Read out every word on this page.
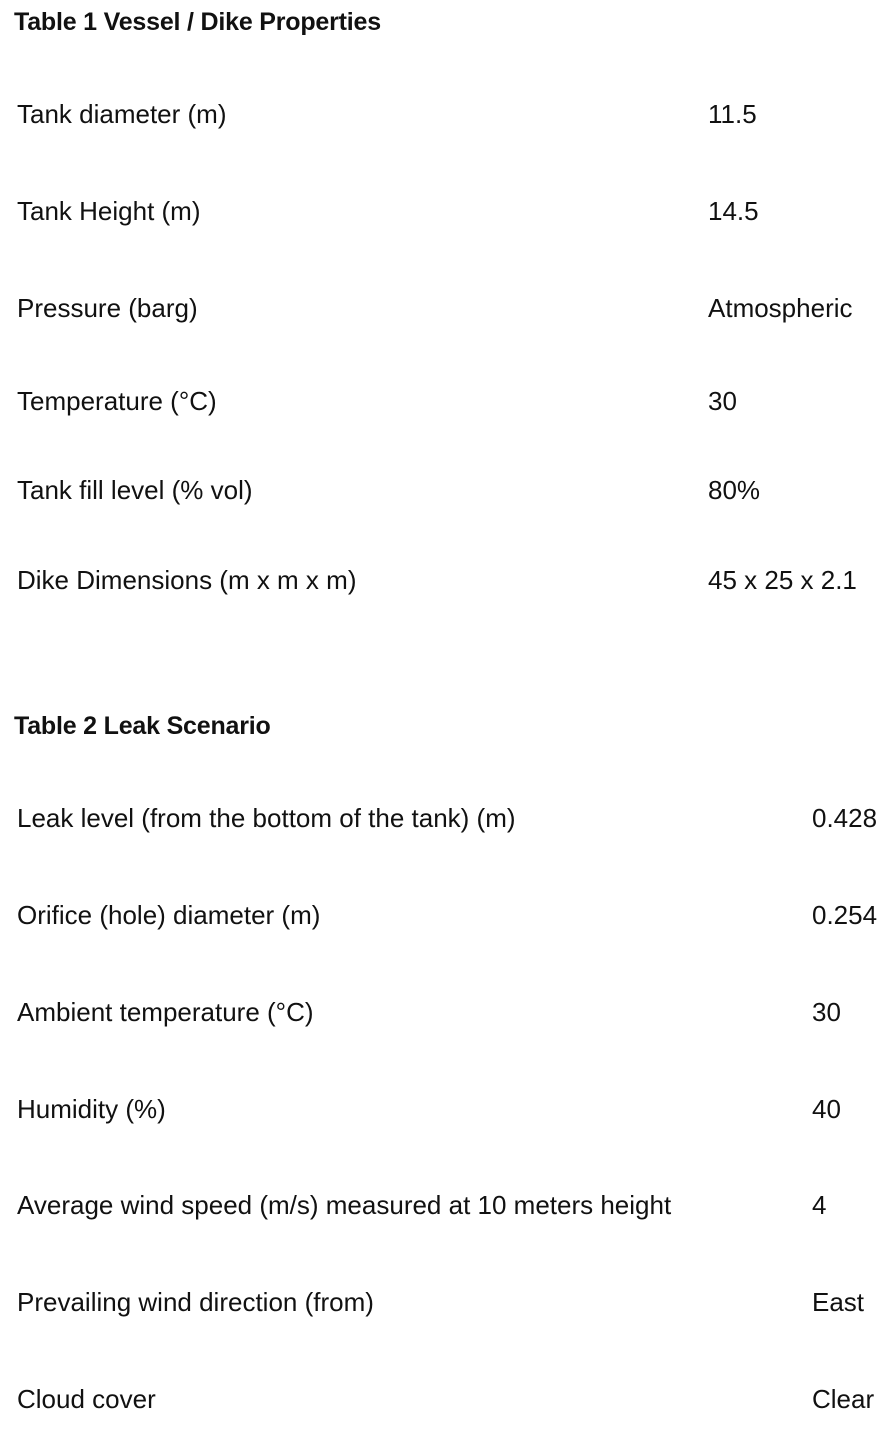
Table 1 Vessel / Dike Properties
Tank diameter (m)	11.5
Tank Height (m)	14.5
Pressure (barg)	Atmospheric
Temperature (°C)	30
Tank fill level (% vol)	80%
Dike Dimensions (m x m x m)	45 x 25 x 2.1
Table 2 Leak Scenario
Leak level (from the bottom of the tank) (m)	0.428
Orifice (hole) diameter (m)	0.254
Ambient temperature (°C)	30
Humidity (%)	40
Average wind speed (m/s) measured at 10 meters height	4
Prevailing wind direction (from)	East
Cloud cover	Clear
